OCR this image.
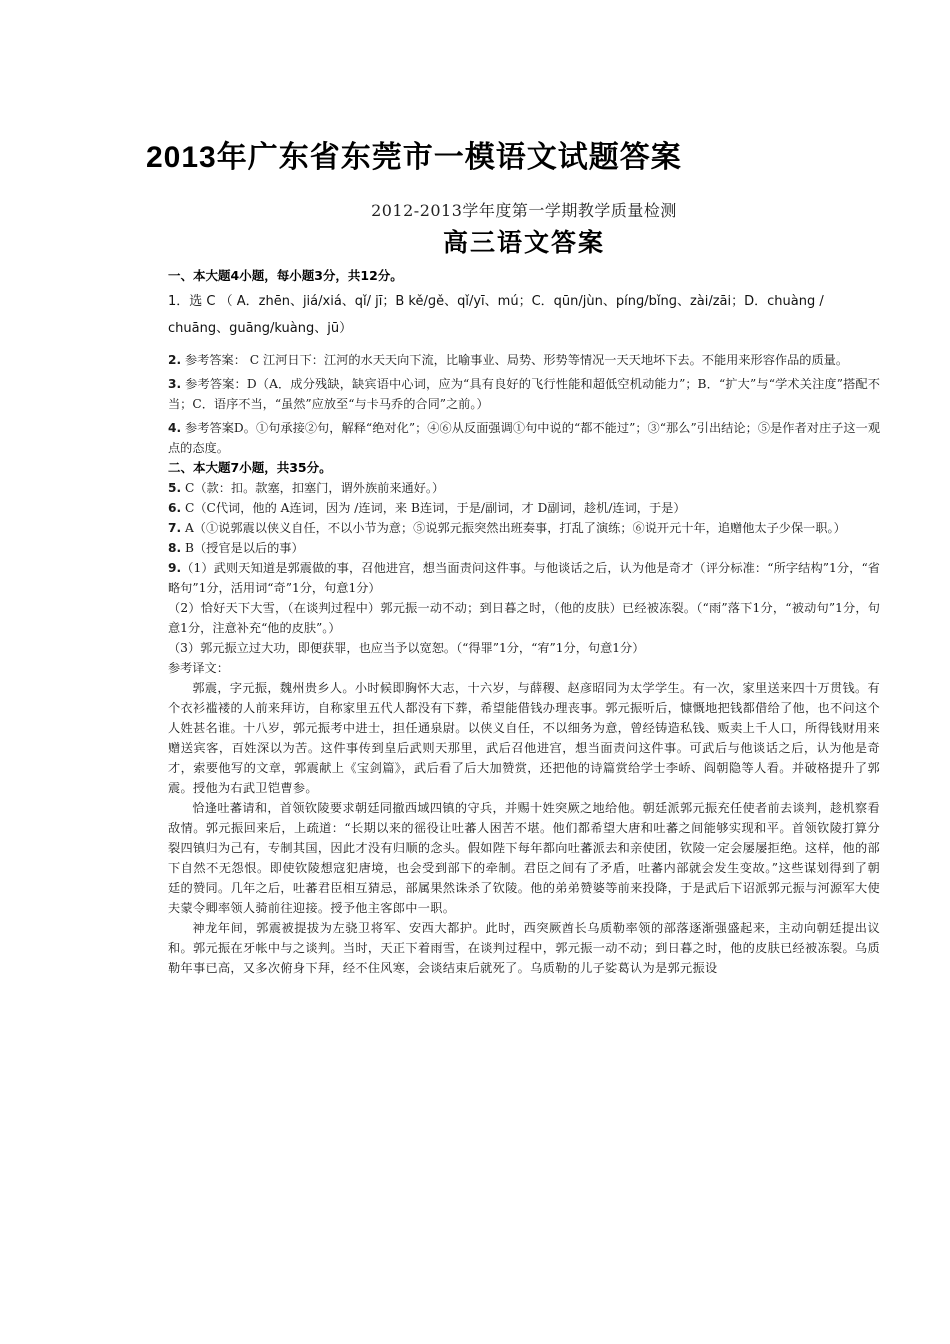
2013年广东省东莞市一模语文试题答案
2012-2013学年度第一学期教学质量检测
高三语文答案

一、本大题4小题，每小题3分，共12分。

1．选 C （ A．zhēn、jiá/xiá、qǐ/ jī；B kě/ɡě、qǐ/yī、mú；C．qūn/jùn、pínɡ/bǐnɡ、zài/zāi；D．chuàng / chuāng、guāng/kuàng、jū）

2. 参考答案： C 江河日下：江河的水天天向下流，比喻事业、局势、形势等情况一天天地坏下去。不能用来形容作品的质量。

3. 参考答案：D（A．成分残缺，缺宾语中心词，应为“具有良好的飞行性能和超低空机动能力”；B．“扩大”与“学术关注度”搭配不当；C．语序不当，“虽然”应放至“与卡马乔的合同”之前。）

4. 参考答案D。①句承接②句，解释“绝对化”；④⑥从反面强调①句中说的“都不能过”；③“那么”引出结论；⑤是作者对庄子这一观点的态度。

二、本大题7小题，共35分。

5. C（款：扣。款塞，扣塞门，谓外族前来通好。）

6. C（C代词，他的 A连词，因为 /连词，来 B连词，于是/副词，才 D副词，趁机/连词，于是）

7. A（①说郭震以侠义自任，不以小节为意；⑤说郭元振突然出班奏事，打乱了演练；⑥说开元十年，追赠他太子少保一职。）

8. B（授官是以后的事）

9.（1）武则天知道是郭震做的事，召他进宫，想当面责问这件事。与他谈话之后，认为他是奇才（评分标准：“所字结构”1分，“省略句”1分，活用词“奇”1分，句意1分）

（2）恰好天下大雪，（在谈判过程中）郭元振一动不动；到日暮之时，（他的皮肤）已经被冻裂。（“雨”落下1分，“被动句”1分，句意1分，注意补充“他的皮肤”。）

（3）郭元振立过大功，即便获罪，也应当予以宽恕。（“得罪”1分，“宥”1分，句意1分）

参考译文：

郭震，字元振，魏州贵乡人。小时候即胸怀大志，十六岁，与薛稷、赵彦昭同为太学学生。有一次，家里送来四十万贯钱。有个衣衫褴褛的人前来拜访，自称家里五代人都没有下葬，希望能借钱办理丧事。郭元振听后，慷慨地把钱都借给了他，也不问这个人姓甚名谁。十八岁，郭元振考中进士，担任通泉尉。以侠义自任，不以细务为意，曾经铸造私钱、贩卖上千人口，所得钱财用来赠送宾客，百姓深以为苦。这件事传到皇后武则天那里，武后召他进宫，想当面责问这件事。可武后与他谈话之后，认为他是奇才，索要他写的文章，郭震献上《宝剑篇》，武后看了后大加赞赏，还把他的诗篇赏给学士李峤、阎朝隐等人看。并破格提升了郭震。授他为右武卫铠曹参。

恰逢吐蕃请和，首领钦陵要求朝廷同撤西域四镇的守兵，并赐十姓突厥之地给他。朝廷派郭元振充任使者前去谈判，趁机察看敌情。郭元振回来后，上疏道：“长期以来的徭役让吐蕃人困苦不堪。他们都希望大唐和吐蕃之间能够实现和平。首领钦陵打算分裂四镇归为己有，专制其国，因此才没有归顺的念头。假如陛下每年都向吐蕃派去和亲使团，钦陵一定会屡屡拒绝。这样，他的部下自然不无怨恨。即使钦陵想寇犯唐境，也会受到部下的牵制。君臣之间有了矛盾，吐蕃内部就会发生变故。”这些谋划得到了朝廷的赞同。几年之后，吐蕃君臣相互猜忌，部属果然诛杀了钦陵。他的弟弟赞婆等前来投降，于是武后下诏派郭元振与河源军大使夫蒙令卿率领人骑前往迎接。授予他主客郎中一职。

神龙年间，郭震被提拔为左骁卫将军、安西大都护。此时，西突厥酋长乌质勒率领的部落逐渐强盛起来，主动向朝廷提出议和。郭元振在牙帐中与之谈判。当时，天正下着雨雪，在谈判过程中，郭元振一动不动；到日暮之时，他的皮肤已经被冻裂。乌质勒年事已高，又多次俯身下拜，经不住风寒，会谈结束后就死了。乌质勒的儿子娑葛认为是郭元振设
